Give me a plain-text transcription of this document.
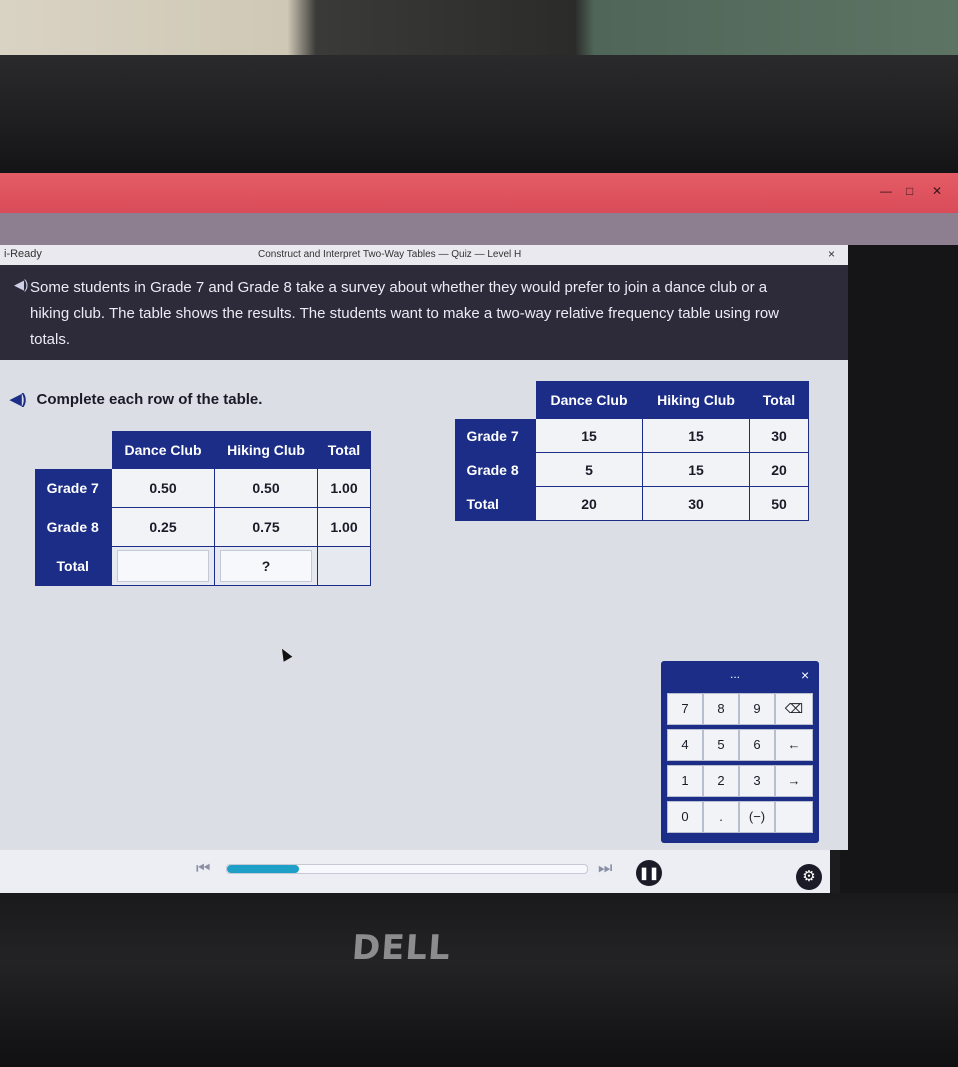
— □ ✕
i-Ready	Construct and Interpret Two-Way Tables — Quiz — Level H	×
◀) Some students in Grade 7 and Grade 8 take a survey about whether they would prefer to join a dance club or a hiking club. The table shows the results. The students want to make a two-way relative frequency table using row totals.
◀) Complete each row of the table.
	Dance Club	Hiking Club	Total
Grade 7	0.50	0.50	1.00
Grade 8	0.25	0.75	1.00
Total		?	

	Dance Club	Hiking Club	Total
Grade 7	15	15	30
Grade 8	5	15	20
Total	20	30	50
...	×
7	8	9	⌫
4	5	6	←
1	2	3	→
0	.	(−)
⏮	⏭ ❚❚	⚙
DELL
